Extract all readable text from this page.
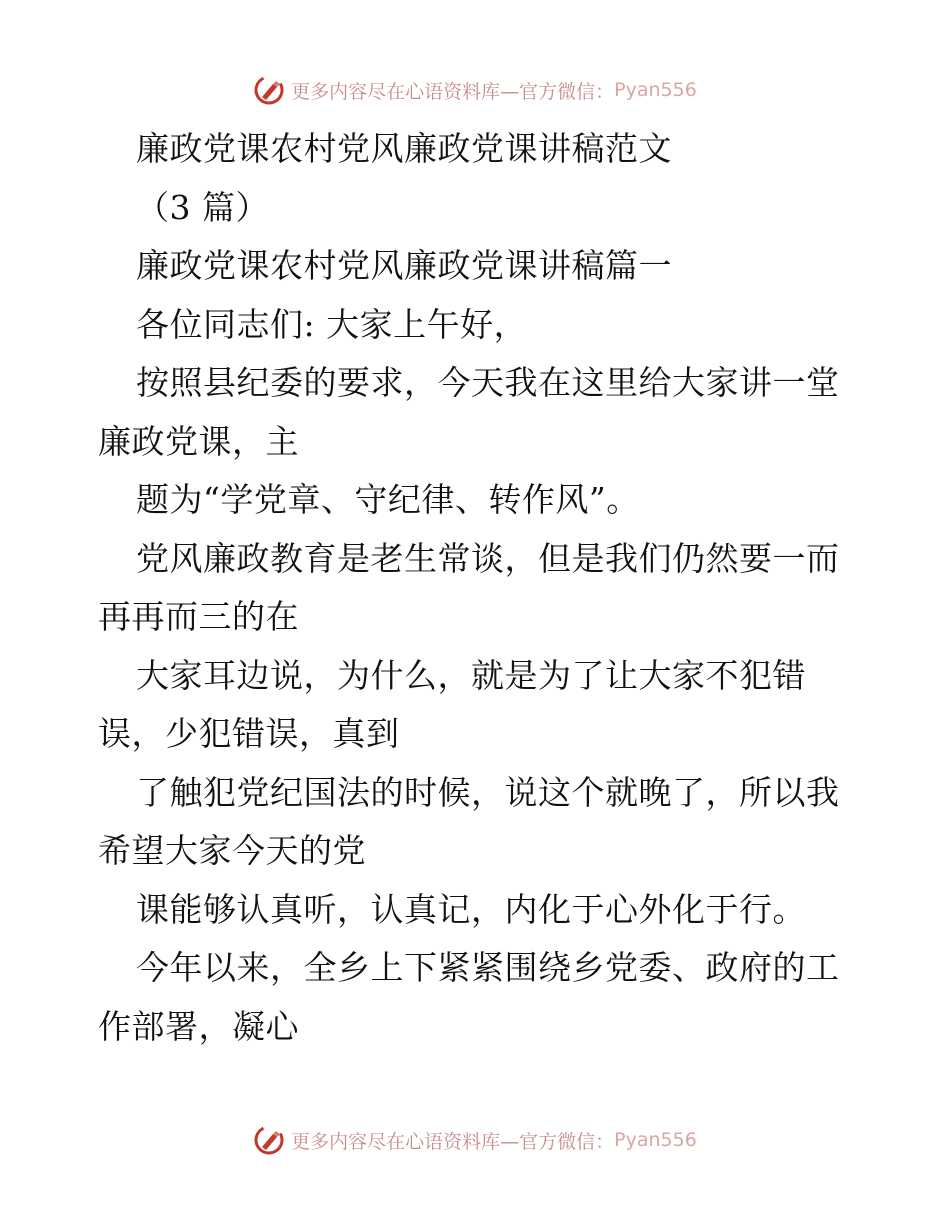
更多内容尽在心语资料库—官方微信： Pyan556
廉政党课农村党风廉政党课讲稿范文
（3 篇）
廉政党课农村党风廉政党课讲稿篇一
各位同志们: 大家上午好，
按照县纪委的要求，今天我在这里给大家讲一堂
廉政党课，主
题为“学党章、守纪律、转作风”。
党风廉政教育是老生常谈，但是我们仍然要一而
再再而三的在
大家耳边说，为什么，就是为了让大家不犯错
误，少犯错误，真到
了触犯党纪国法的时候，说这个就晚了，所以我
希望大家今天的党
课能够认真听，认真记，内化于心外化于行。
今年以来，全乡上下紧紧围绕乡党委、政府的工
作部署，凝心
更多内容尽在心语资料库—官方微信： Pyan556
